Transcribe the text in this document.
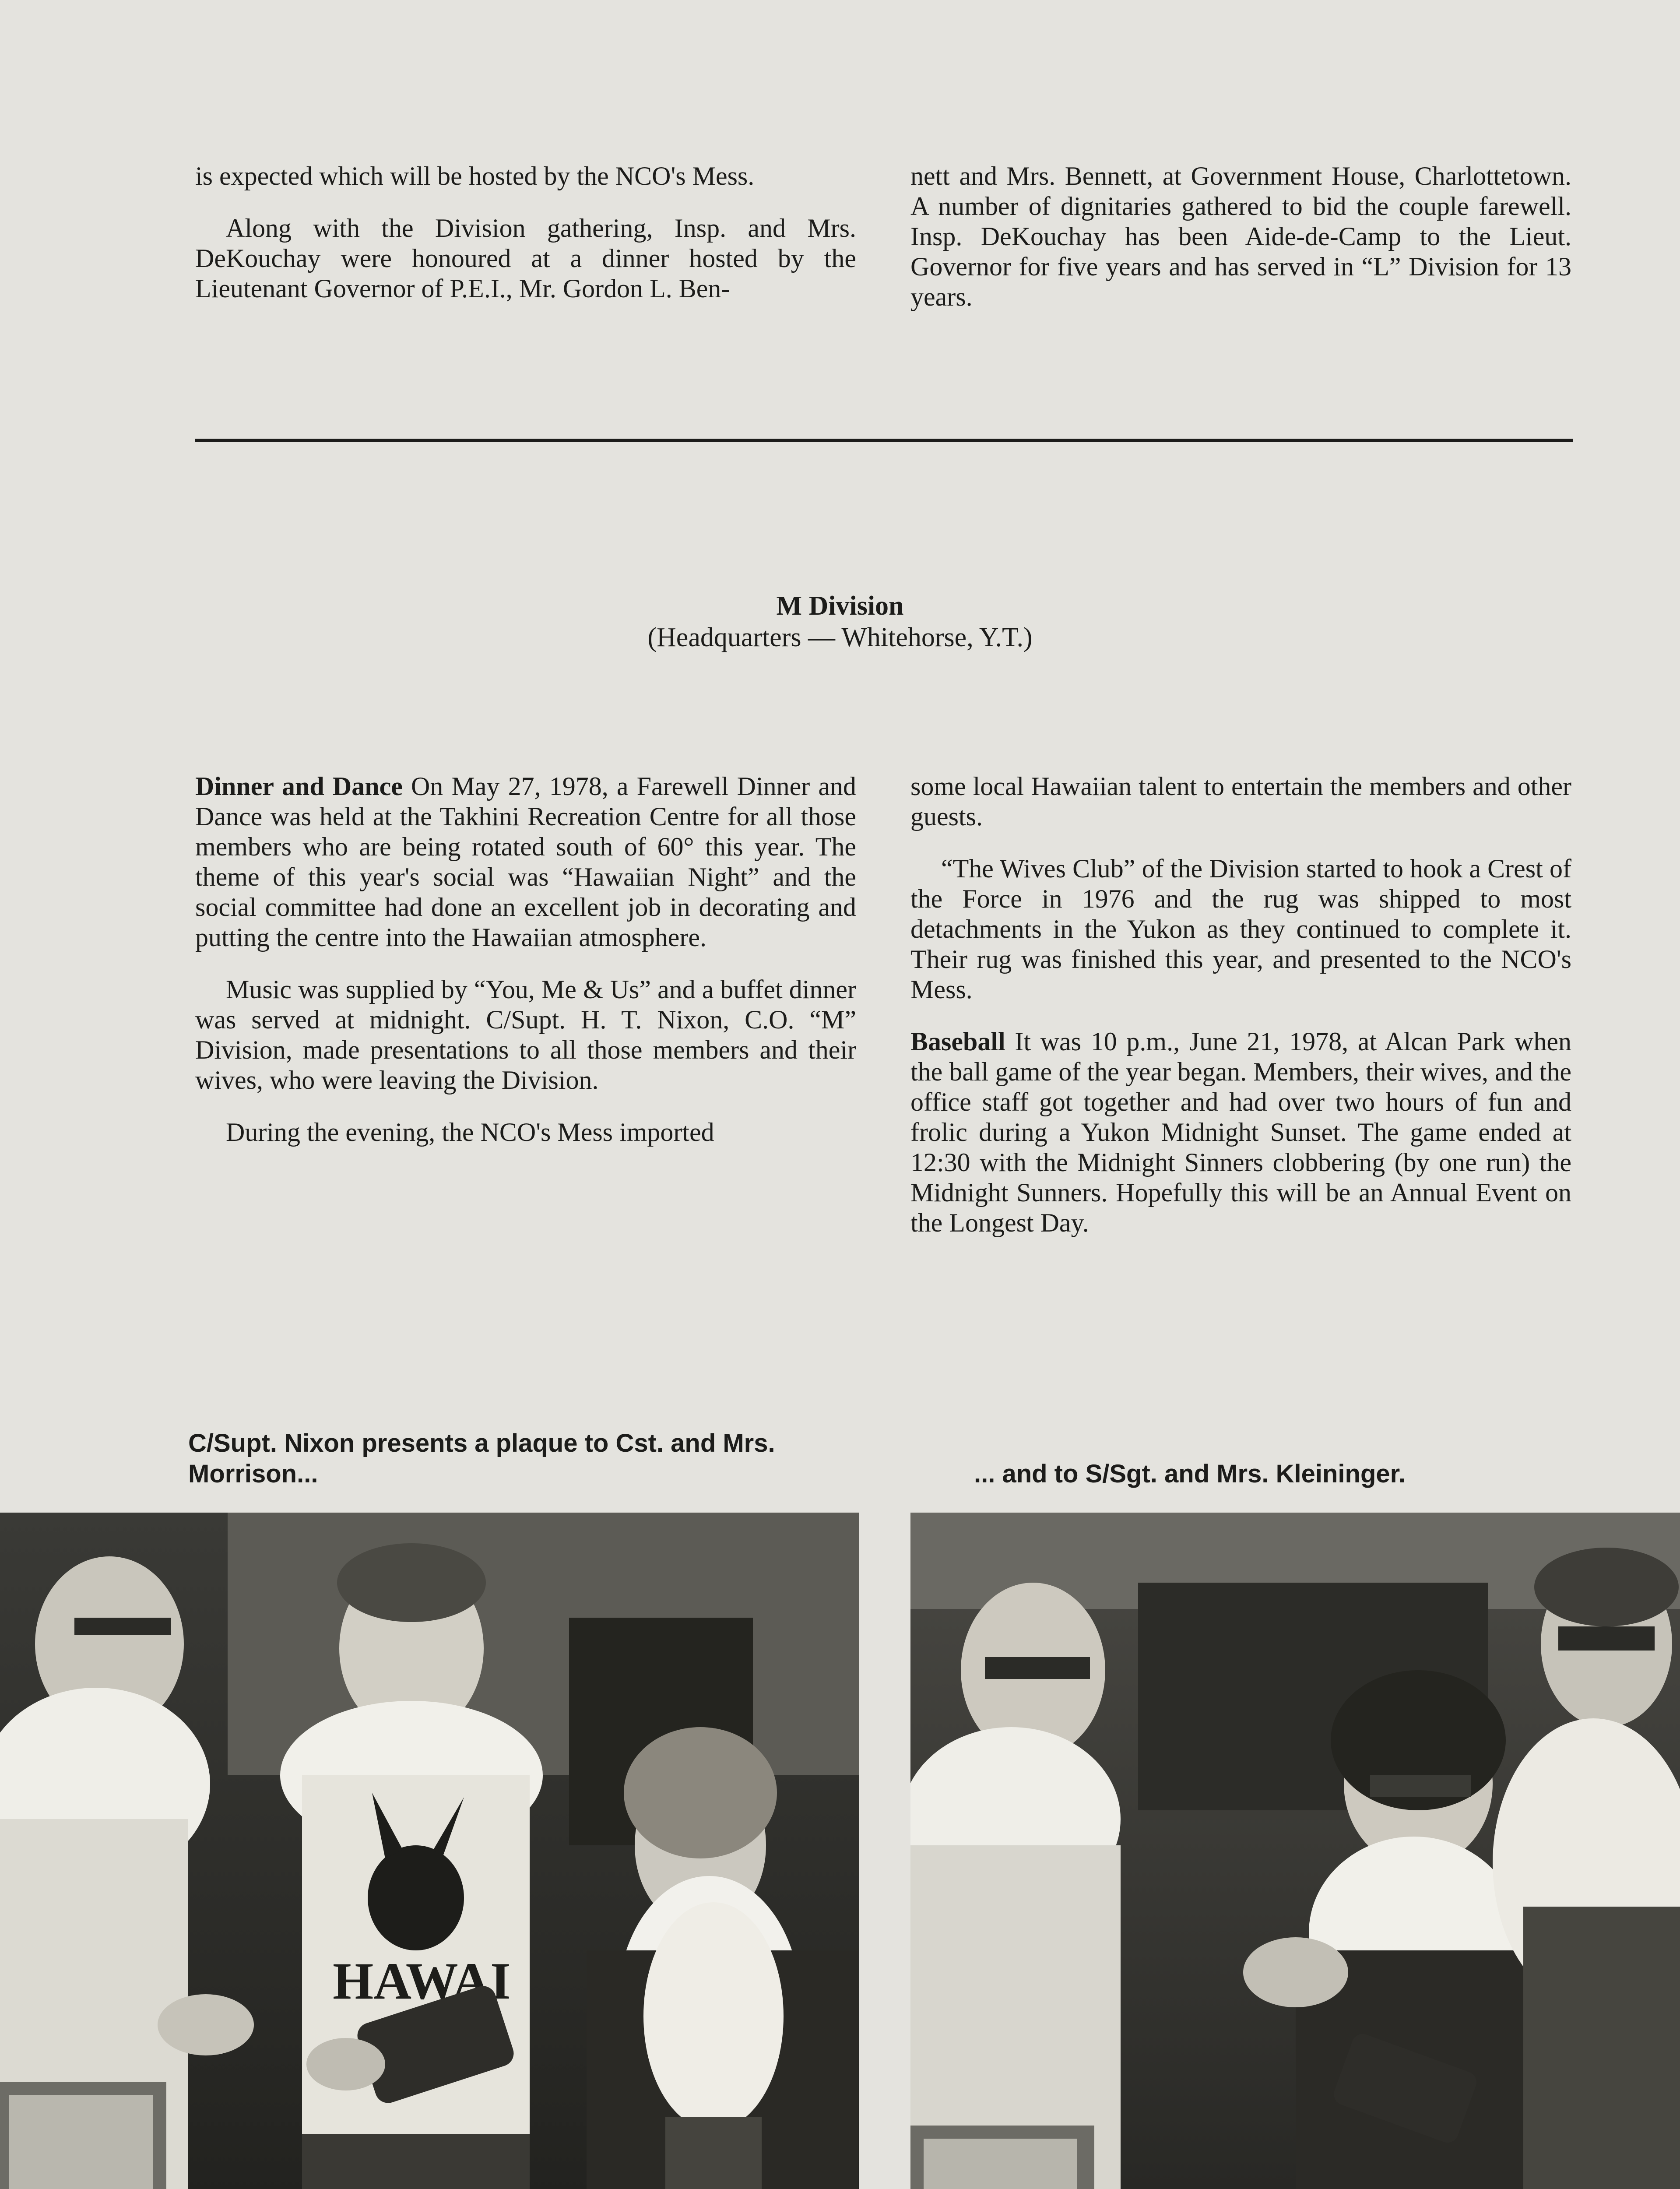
is expected which will be hosted by the NCO's Mess.

Along with the Division gathering, Insp. and Mrs. DeKouchay were honoured at a dinner hosted by the Lieutenant Governor of P.E.I., Mr. Gordon L. Ben-

nett and Mrs. Bennett, at Government House, Charlottetown. A number of dignitaries gathered to bid the couple farewell. Insp. DeKouchay has been Aide-de-Camp to the Lieut. Governor for five years and has served in “L” Division for 13 years.

M Division
(Headquarters — Whitehorse, Y.T.)

Dinner and Dance On May 27, 1978, a Farewell Dinner and Dance was held at the Takhini Recreation Centre for all those members who are being rotated south of 60° this year. The theme of this year's social was “Hawaiian Night” and the social committee had done an excellent job in decorating and putting the centre into the Hawaiian atmosphere.

Music was supplied by “You, Me & Us” and a buffet dinner was served at midnight. C/Supt. H. T. Nixon, C.O. “M” Division, made presentations to all those members and their wives, who were leaving the Division.

During the evening, the NCO's Mess imported

some local Hawaiian talent to entertain the members and other guests.

“The Wives Club” of the Division started to hook a Crest of the Force in 1976 and the rug was shipped to most detachments in the Yukon as they continued to complete it. Their rug was finished this year, and presented to the NCO's Mess.

Baseball It was 10 p.m., June 21, 1978, at Alcan Park when the ball game of the year began. Members, their wives, and the office staff got together and had over two hours of fun and frolic during a Yukon Midnight Sunset. The game ended at 12:30 with the Midnight Sinners clobbering (by one run) the Midnight Sunners. Hopefully this will be an Annual Event on the Longest Day.

C/Supt. Nixon presents a plaque to Cst. and Mrs. Morrison...	... and to S/Sgt. and Mrs. Kleininger.
HAWAI
